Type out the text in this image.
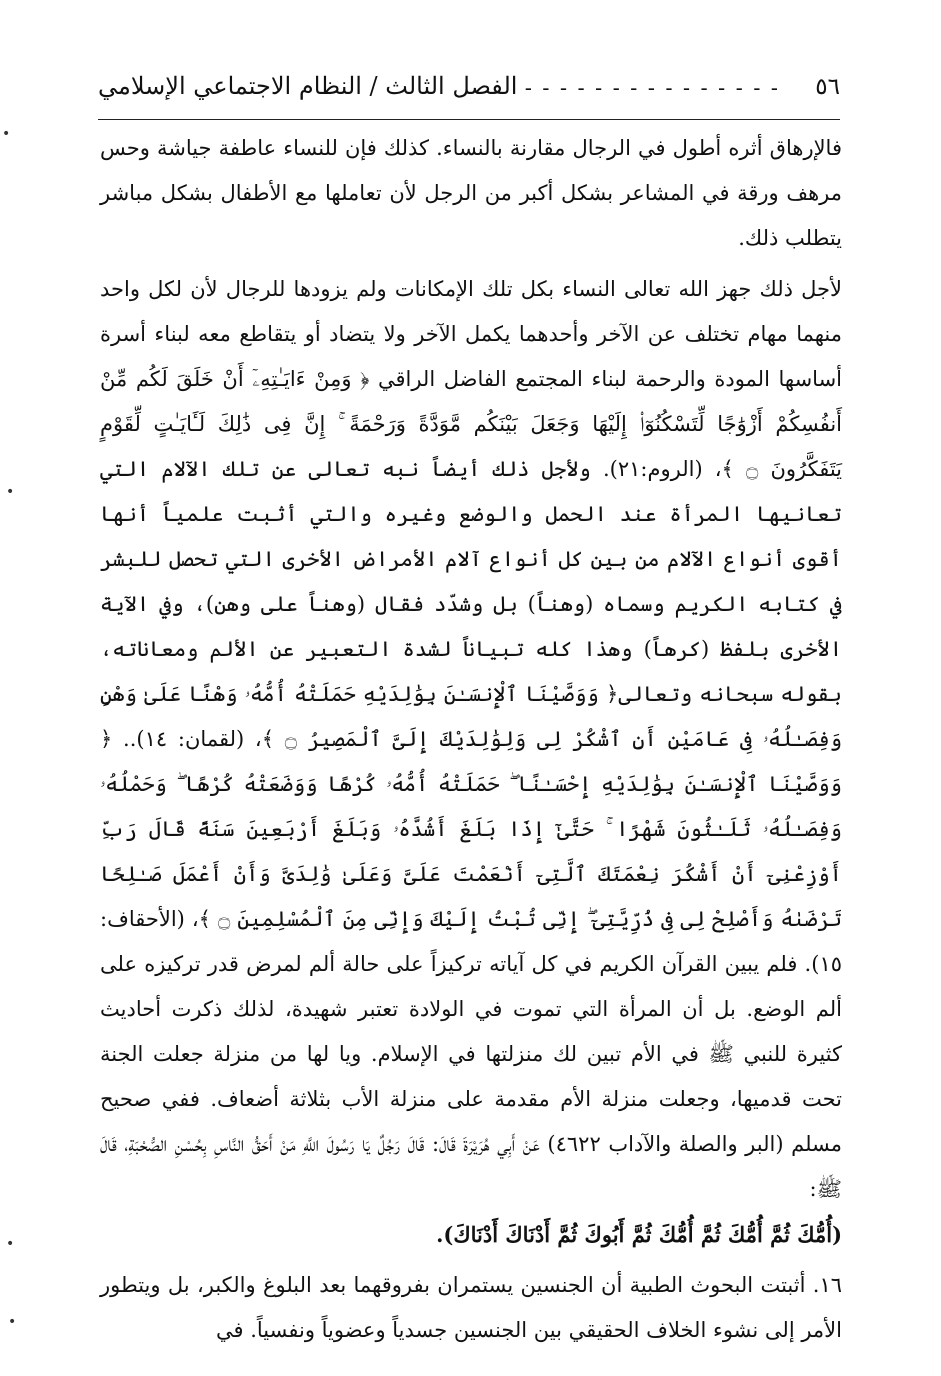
٥٦
- - - - - - - - - - - - - - -
الفصل الثالث / النظام الاجتماعي الإسلامي

فالإرهاق أثره أطول في الرجال مقارنة بالنساء. كذلك فإن للنساء عاطفة جياشة وحس مرهف ورقة في المشاعر بشكل أكبر من الرجل لأن تعاملها مع الأطفال بشكل مباشر يتطلب ذلك.

لأجل ذلك جهز الله تعالى النساء بكل تلك الإمكانات ولم يزودها للرجال لأن لكل واحد منهما مهام تختلف عن الآخر وأحدهما يكمل الآخر ولا يتضاد أو يتقاطع معه لبناء أسرة أساسها المودة والرحمة لبناء المجتمع الفاضل الراقي ﴿ وَمِنْ ءَايَـٰتِهِۦٓ أَنْ خَلَقَ لَكُم مِّنْ أَنفُسِكُمْ أَزْوَٰجًا لِّتَسْكُنُوٓا۟ إِلَيْهَا وَجَعَلَ بَيْنَكُم مَّوَدَّةً وَرَحْمَةً ۚ إِنَّ فِى ذَٰلِكَ لَـَٔايَـٰتٍ لِّقَوْمٍ يَتَفَكَّرُونَ ۝ ﴾، (الروم:٢١). ولأجل ذلك أيضاً نبه تعالى عن تلك الآلام التي تعانيها المرأة عند الحمل والوضع وغيره والتي أثبت علمياً أنها أقوى أنواع الآلام من بين كل أنواع آلام الأمراض الأخرى التي تحصل للبشر في كتابه الكريم وسماه (وهناً) بل وشدّد فقال (وهناً على وهن)، وفي الآية الأخرى بلفظ (كرهاً) وهذا كله تبياناً لشدة التعبير عن الألم ومعاناته، بقوله سبحانه وتعالى﴿ وَوَصَّيْنَا ٱلْإِنسَـٰنَ بِوَٰلِدَيْهِ حَمَلَتْهُ أُمُّهُۥ وَهْنًا عَلَىٰ وَهْنٍ وَفِصَـٰلُهُۥ فِى عَامَيْنِ أَنِ ٱشْكُرْ لِى وَلِوَٰلِدَيْكَ إِلَىَّ ٱلْمَصِيرُ ۝ ﴾، (لقمان: ١٤).. ﴿ وَوَصَّيْنَا ٱلْإِنسَـٰنَ بِوَٰلِدَيْهِ إِحْسَـٰنًا ۖ حَمَلَتْهُ أُمُّهُۥ كُرْهًا وَوَضَعَتْهُ كُرْهًا ۖ وَحَمْلُهُۥ وَفِصَـٰلُهُۥ ثَلَـٰثُونَ شَهْرًا ۚ حَتَّىٰٓ إِذَا بَلَغَ أَشُدَّهُۥ وَبَلَغَ أَرْبَعِينَ سَنَةً قَالَ رَبِّ أَوْزِعْنِىٓ أَنْ أَشْكُرَ نِعْمَتَكَ ٱلَّتِىٓ أَنْعَمْتَ عَلَىَّ وَعَلَىٰ وَٰلِدَىَّ وَأَنْ أَعْمَلَ صَـٰلِحًا تَرْضَىٰهُ وَأَصْلِحْ لِى فِى ذُرِّيَّتِىٓ ۖ إِنِّى تُبْتُ إِلَيْكَ وَإِنِّى مِنَ ٱلْمُسْلِمِينَ ۝ ﴾، (الأحقاف: ١٥). فلم يبين القرآن الكريم في كل آياته تركيزاً على حالة ألم لمرض قدر تركيزه على ألم الوضع. بل أن المرأة التي تموت في الولادة تعتبر شهيدة، لذلك ذكرت أحاديث كثيرة للنبي ﷺ في الأم تبين لك منزلتها في الإسلام. ويا لها من منزلة جعلت الجنة تحت قدميها، وجعلت منزلة الأم مقدمة على منزلة الأب بثلاثة أضعاف. ففي صحيح مسلم (البر والصلة والآداب ٤٦٢٢) عَنْ أَبِي هُرَيْرَةَ قَالَ: قَالَ رَجُلٌ يَا رَسُولَ اللَّهِ مَنْ أَحَقُّ النَّاسِ بِحُسْنِ الصُّحْبَةِ، قَالَ ﷺ:

(أُمُّكَ ثُمَّ أُمُّكَ ثُمَّ أُمُّكَ ثُمَّ أَبُوكَ ثُمَّ أَدْنَاكَ أَدْنَاكَ).

١٦. أثبتت البحوث الطبية أن الجنسين يستمران بفروقهما بعد البلوغ والكبر، بل ويتطور الأمر إلى نشوء الخلاف الحقيقي بين الجنسين جسدياً وعضوياً ونفسياً. في

•
•
•
•
